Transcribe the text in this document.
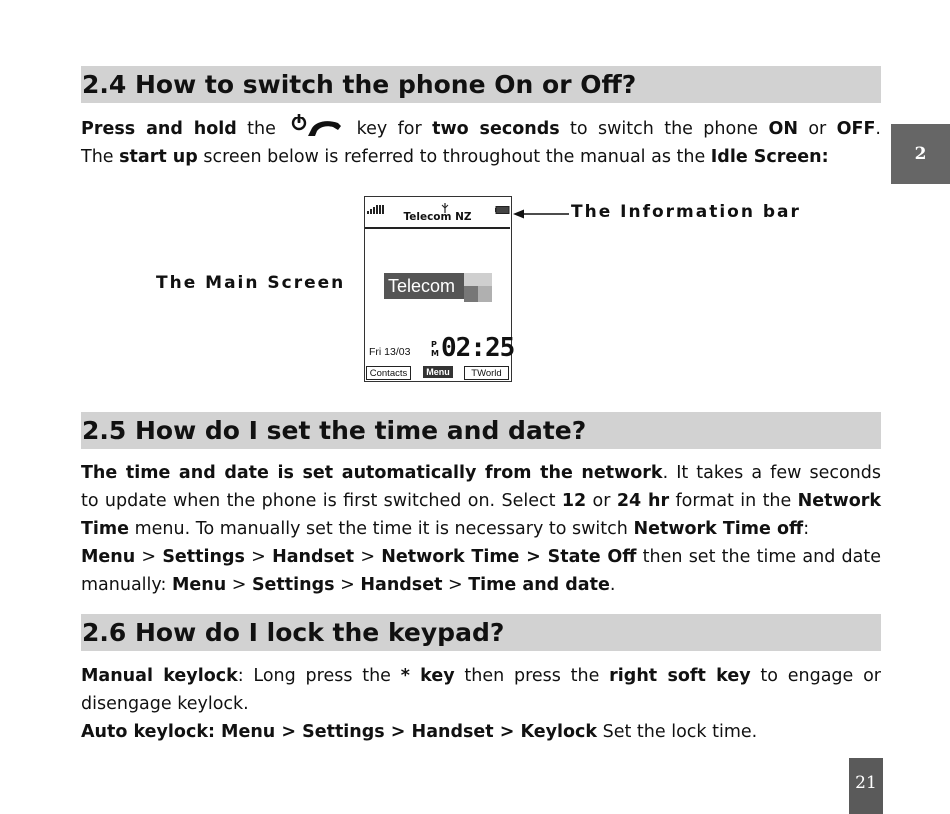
2.4 How to switch the phone On or Off?
Press and hold the	key for two seconds to switch the phone ON or OFF.
The start up screen below is referred to throughout the manual as the Idle Screen:	2
The Main Screen
Telecom NZ
Telecom
Fri 13/03
P
M 02:25
Contacts	Menu	TWorld
The Information bar
2.5 How do I set the time and date?
The time and date is set automatically from the network. It takes a few seconds
to update when the phone is first switched on. Select 12 or 24 hr format in the Network
Time menu. To manually set the time it is necessary to switch Network Time off:
Menu > Settings > Handset > Network Time > State Off then set the time and date
manually: Menu > Settings > Handset > Time and date.
2.6 How do I lock the keypad?
Manual keylock: Long press the * key then press the right soft key to engage or
disengage keylock.
Auto keylock: Menu > Settings > Handset > Keylock Set the lock time.
21
